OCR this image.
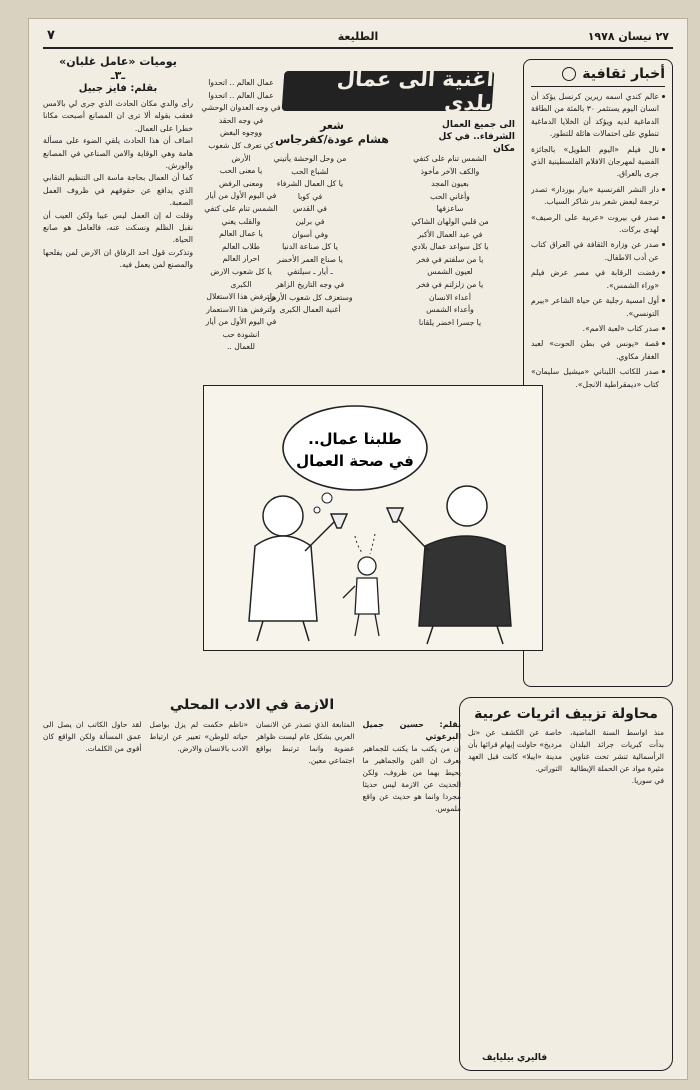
٢٧ نيسان ١٩٧٨
الطليعة
٧
أخبار ثقافية
عالم كندي اسمه ريرين كرنسل يؤكد أن انسان اليوم يستثمر ٣٠ بالمئة من الطاقة الدماغية لديه ويؤكد أن الخلايا الدماغية تنطوي على احتمالات هائلة للتطور.
نال فيلم «اليوم الطويل» بالجائزة الفضية لمهرجان الافلام الفلسطينية الذي جرى بالعراق.
دار النشر الفرنسية «بيار بوردار» تصدر ترجمة لبعض شعر بدر شاكر السياب.
صدر في بيروت «عربية على الرصيف» لهدى بركات.
صدر عن وزارة الثقافة في العراق كتاب عن أدب الاطفال.
رفضت الرقابة في مصر عرض فيلم «وراء الشمس».
أول امسية رجلية عن حياة الشاعر «بيرم التونسي».
صدر كتاب «لعبة الامم».
قصة «يونس في بطن الحوت» لعبد الغفار مكاوي.
صدر للكاتب اللبناني «ميشيل سليمان» كتاب «ديمقراطية الانجل».
اغنية الى عمال بلدي
الى جميع العمال الشرفاء.. في كل مكان
شعر
هشام عودة/كفرجاس
الشمس تنام على كتفي
والكف الآخر مأخوذ
بعيون المجد
وأغاني الحب
ساعزفها
من قلبي الولهان الشاكي
في عيد العمال الأكبر
يا كل سواعد عمال بلادي
يا من سلفتم في فخر
لعيون الشمس
يا من زلزلتم في فخر
أعداء الانسان
وأعداء الشمس
يا جسرا اخضر يلقانا
من وحل الوحشة يأتيني
لشباع الحب
يا كل العمال الشرفاء
في كوبا
في القدس
في برلين
وفي أسوان
يا كل صناعة الدنيا
يا صناع العمر الأخضر
ـ أيار ـ سيلتفي
في وجه التاريخ الزاهر
وستعزف كل شعوب الأرض
أغنية العمال الكبرى
عمال العالم .. اتحدوا
عمال العالم .. اتحدوا
في وجه العدوان الوحشي
في وجه الحقد
ووجوه البغض
كي تعرف كل شعوب الأرض
يا معنى الحب
ومعنى الرفض
في اليوم الأول من أيار
الشمس تنام على كتفي
والقلب يغني
يا عمال العالم
طلاب العالم
احرار العالم
يا كل شعوب الارض الكبرى
ولترفض هذا الاستغلال
ولترفض هذا الاستعمار
في اليوم الأول من أيار
انشودة حب
للعمال ..
يوميات «عامل غلبان»
ـ٣ـ
بقلم: فايز جبيل
رأى والدي مكان الحادث الذي جرى لي بالامس فعقب بقوله ألا ترى ان المصانع أصبحت مكانا خطرا على العمال.
اضاف أن هذا الحادث يلقي الضوء على مسألة هامة وهي الوقاية والامن الصناعي في المصانع والورش.
كما أن العمال بحاجة ماسة الى التنظيم النقابي الذي يدافع عن حقوقهم في ظروف العمل الصعبة.
وقلت له إن العمل ليس عيبا ولكن العيب أن نقبل الظلم ونسكت عنه، فالعامل هو صانع الحياة.
وتذكرت قول احد الرفاق ان الارض لمن يفلحها والمصنع لمن يعمل فيه.
طلبنا عمال..
في صحة العمال
الازمة في الادب المحلي
بقلم: حسين جميل البرغوثي

ان من يكتب ما يكتب للجماهير يعرف ان الفن والجماهير ما يحيط بهما من ظروف، ولكن الحديث عن الازمة ليس حديثا مجردا وانما هو حديث عن واقع ملموس.

المتابعة الذي تصدر عن الانسان العربي بشكل عام ليست ظواهر عضوية وانما ترتبط بواقع اجتماعي معين.

«ناظم حكمت لم يزل بواصل حياته للوطن» تعبير عن ارتباط الادب بالانسان والارض.

لقد حاول الكاتب ان يصل الى عمق المسألة ولكن الواقع كان أقوى من الكلمات.

محاولة تزييف اثريات عربية

منذ اواسط السنة الماضية، بدأت كبريات جرائد البلدان الرأسمالية تنشر تحت عناوين مثيرة مواد عن الحملة الإيطالية في سوريا.

خاصة عن الكشف عن «تل مرديخ» حاولت إيهام قرائها بأن مدينة «ايبلا» كانت قبل العهد التوراتي.

فاليري بيليايف
